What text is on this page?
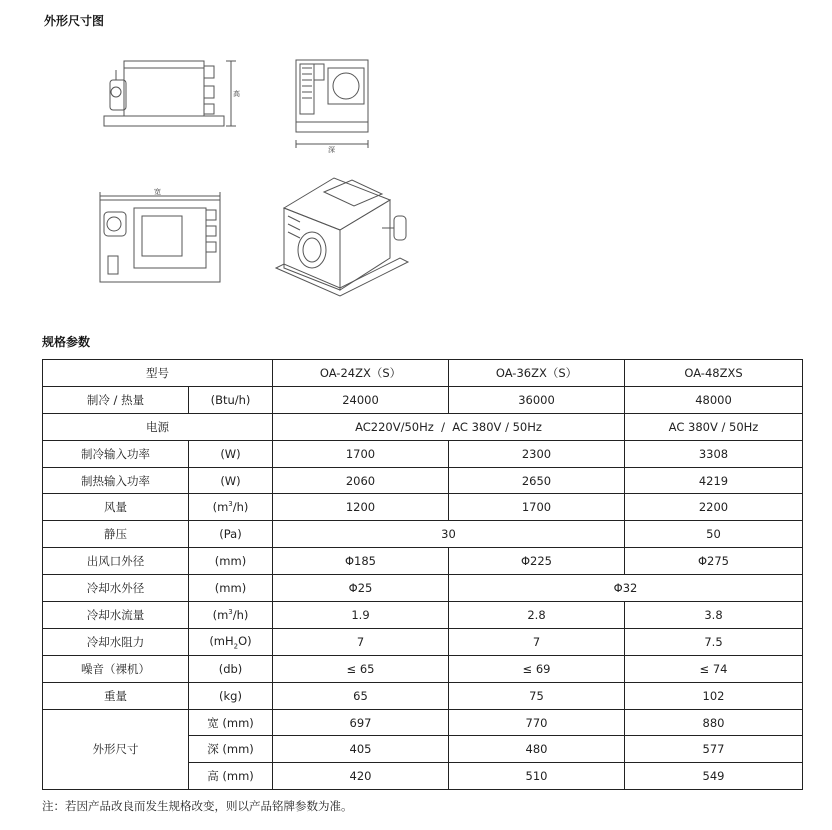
外形尺寸图
高
深
宽
规格参数
型号		OA-24ZX（S）	OA-36ZX（S）	OA-48ZXS
制冷 / 热量	(Btu/h)	24000	36000	48000
电源		AC220V/50Hz  /  AC 380V / 50Hz		AC 380V / 50Hz
制冷输入功率	(W)	1700	2300	3308
制热输入功率	(W)	2060	2650	4219
风量	$(m^3/h)$	1200	1700	2200
静压	(Pa)	30		50
出风口外径	(mm)	Φ185	Φ225	Φ275
冷却水外径	(mm)	Φ25	Φ32	
冷却水流量	$(m^3/h)$	1.9	2.8	3.8
冷却水阻力	$(mH_2O)$	7	7	7.5
噪音（裸机）	(db)	≤ 65	≤ 69	≤ 74
重量	(kg)	65	75	102
外形尺寸	宽 (mm)	697	770	880
	深 (mm)	405	480	577
	高 (mm)	420	510	549
注：若因产品改良而发生规格改变，则以产品铭牌参数为准。
